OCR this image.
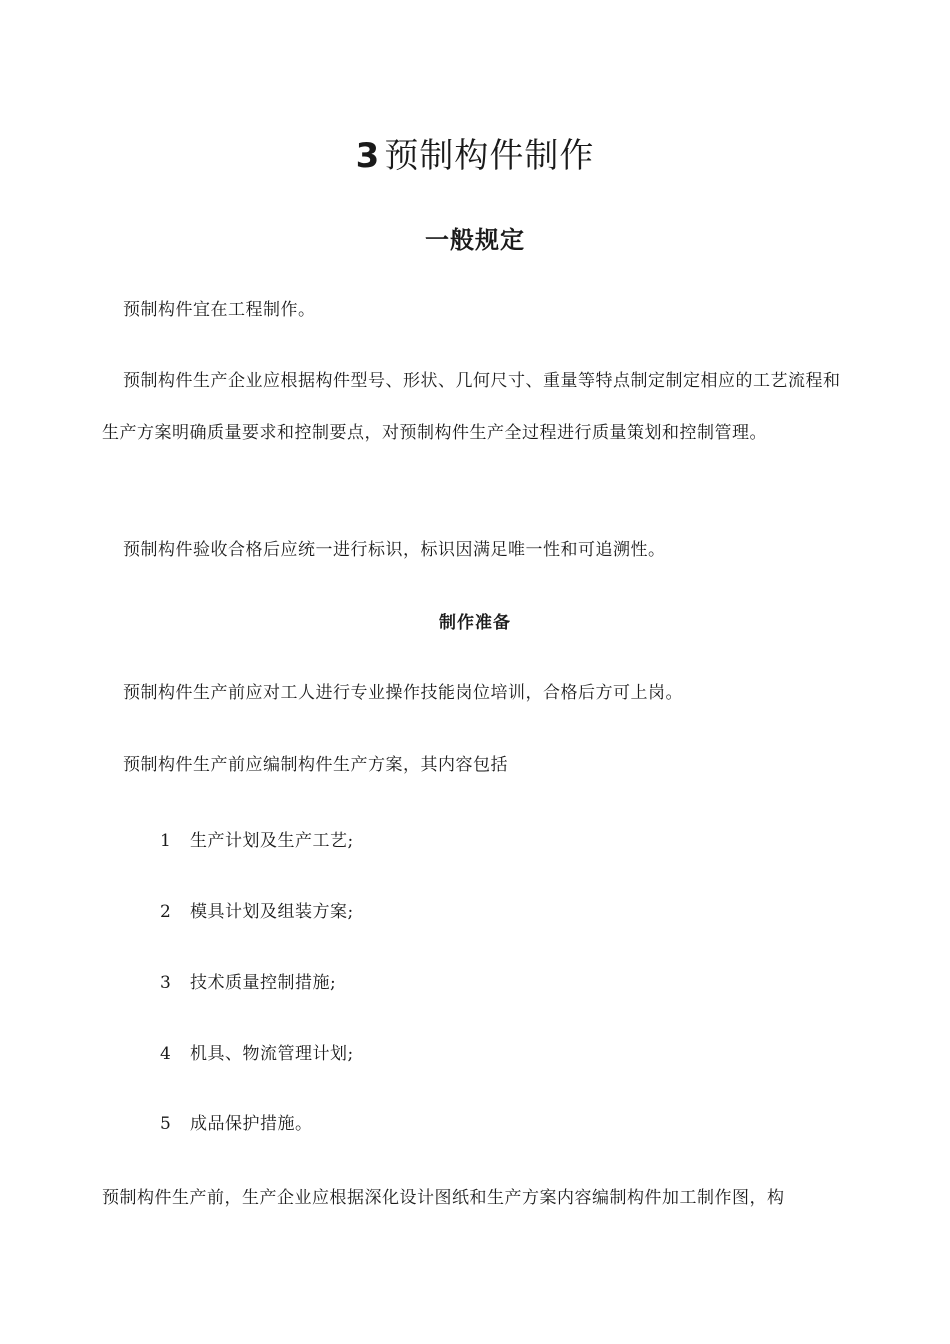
3 预制构件制作
一般规定

预制构件宜在工程制作。

预制构件生产企业应根据构件型号、形状、几何尺寸、重量等特点制定制定相应的工艺流程和生产方案明确质量要求和控制要点，对预制构件生产全过程进行质量策划和控制管理。

预制构件验收合格后应统一进行标识，标识因满足唯一性和可追溯性。

制作准备

预制构件生产前应对工人进行专业操作技能岗位培训，合格后方可上岗。

预制构件生产前应编制构件生产方案，其内容包括

1 生产计划及生产工艺;

2 模具计划及组装方案;

3 技术质量控制措施;

4 机具、物流管理计划;

5 成品保护措施。

预制构件生产前，生产企业应根据深化设计图纸和生产方案内容编制构件加工制作图，构
